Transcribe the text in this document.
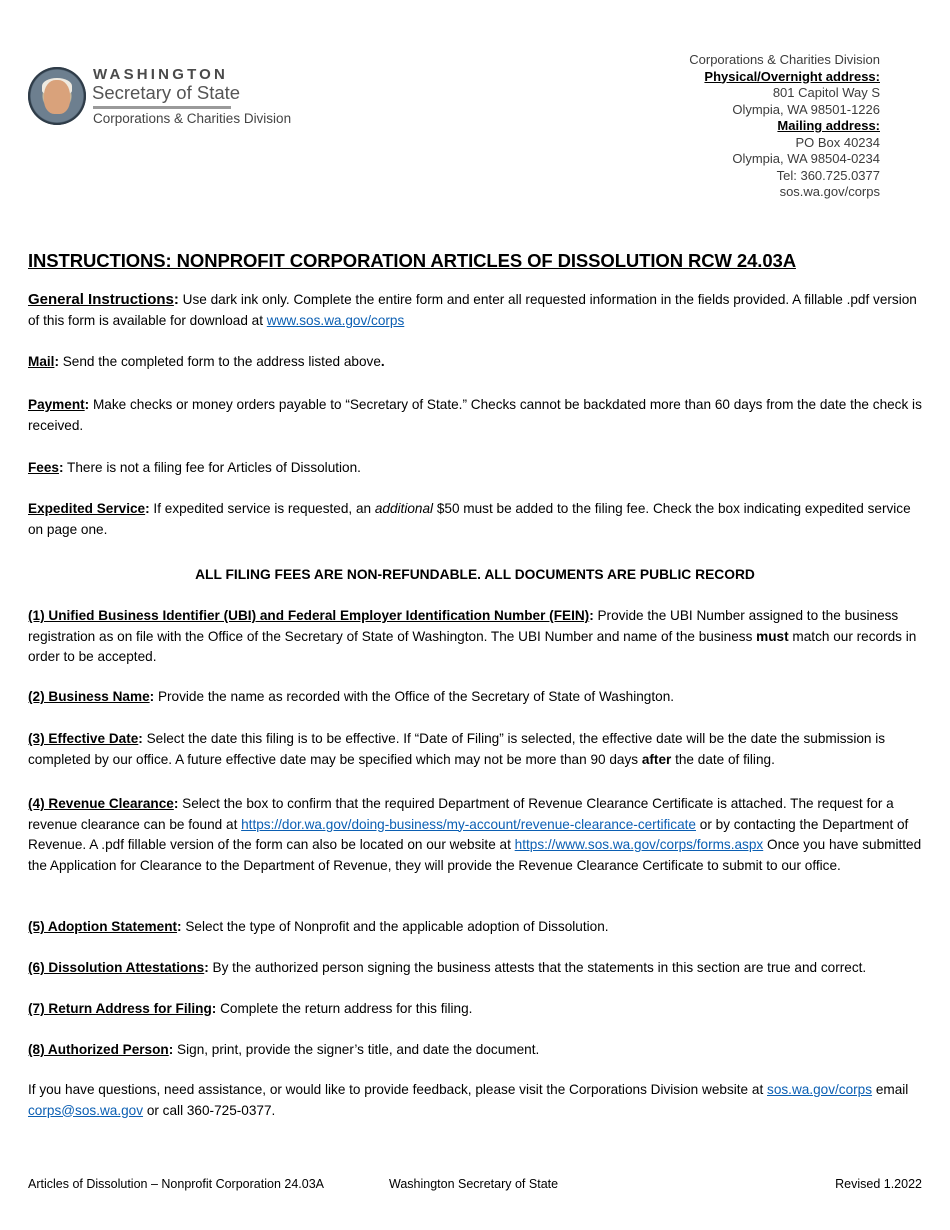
WASHINGTON
Secretary of State
Corporations & Charities Division
Corporations & Charities Division
Physical/Overnight address:
801 Capitol Way S
Olympia, WA 98501-1226
Mailing address:
PO Box 40234
Olympia, WA 98504-0234
Tel: 360.725.0377
sos.wa.gov/corps
INSTRUCTIONS: NONPROFIT CORPORATION ARTICLES OF DISSOLUTION RCW 24.03A
General Instructions: Use dark ink only. Complete the entire form and enter all requested information in the fields provided. A fillable .pdf version of this form is available for download at www.sos.wa.gov/corps
Mail: Send the completed form to the address listed above.
Payment: Make checks or money orders payable to “Secretary of State.” Checks cannot be backdated more than 60 days from the date the check is received.
Fees: There is not a filing fee for Articles of Dissolution.
Expedited Service: If expedited service is requested, an additional $50 must be added to the filing fee. Check the box indicating expedited service on page one.
ALL FILING FEES ARE NON-REFUNDABLE. ALL DOCUMENTS ARE PUBLIC RECORD
(1) Unified Business Identifier (UBI) and Federal Employer Identification Number (FEIN): Provide the UBI Number assigned to the business registration as on file with the Office of the Secretary of State of Washington. The UBI Number and name of the business must match our records in order to be accepted.
(2) Business Name: Provide the name as recorded with the Office of the Secretary of State of Washington.
(3) Effective Date: Select the date this filing is to be effective. If “Date of Filing” is selected, the effective date will be the date the submission is completed by our office. A future effective date may be specified which may not be more than 90 days after the date of filing.
(4) Revenue Clearance: Select the box to confirm that the required Department of Revenue Clearance Certificate is attached. The request for a revenue clearance can be found at https://dor.wa.gov/doing-business/my-account/revenue-clearance-certificate or by contacting the Department of Revenue. A .pdf fillable version of the form can also be located on our website at https://www.sos.wa.gov/corps/forms.aspx Once you have submitted the Application for Clearance to the Department of Revenue, they will provide the Revenue Clearance Certificate to submit to our office.
(5) Adoption Statement: Select the type of Nonprofit and the applicable adoption of Dissolution.
(6) Dissolution Attestations: By the authorized person signing the business attests that the statements in this section are true and correct.
(7) Return Address for Filing: Complete the return address for this filing.
(8) Authorized Person: Sign, print, provide the signer’s title, and date the document.
If you have questions, need assistance, or would like to provide feedback, please visit the Corporations Division website at sos.wa.gov/corps email corps@sos.wa.gov or call 360-725-0377.
Articles of Dissolution – Nonprofit Corporation 24.03A	Washington Secretary of State	Revised 1.2022
